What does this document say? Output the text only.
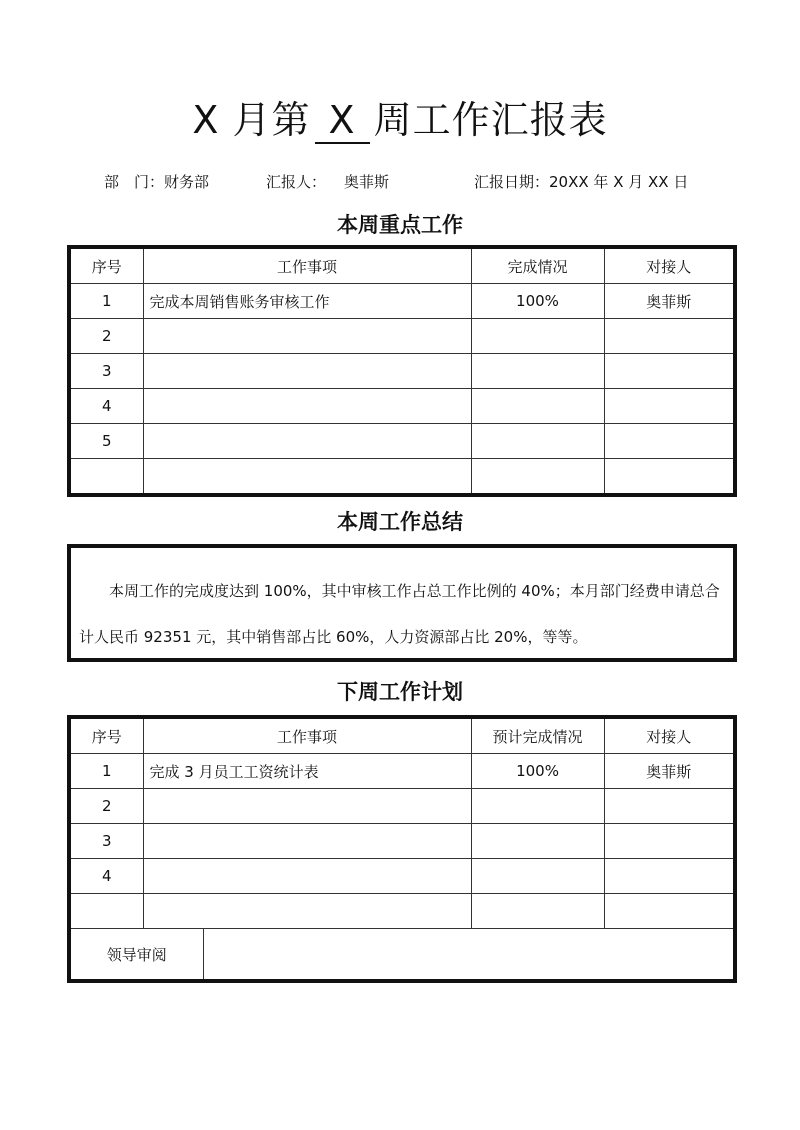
X 月第 X 周工作汇报表
部　门：财务部	汇报人： 奥菲斯	汇报日期：20XX 年 X 月 XX 日
本周重点工作
序号	工作事项	完成情况	对接人
1	完成本周销售账务审核工作	100%	奥菲斯
2			
3			
4			
5			

本周工作总结
本周工作的完成度达到 100%，其中审核工作占总工作比例的 40%；本月部门经费申请总合计人民币 92351 元，其中销售部占比 60%，人力资源部占比 20%，等等。
下周工作计划
序号	工作事项		预计完成情况	对接人
1	完成 3 月员工工资统计表		100%	奥菲斯
2				
3				
4				

领导审阅				
